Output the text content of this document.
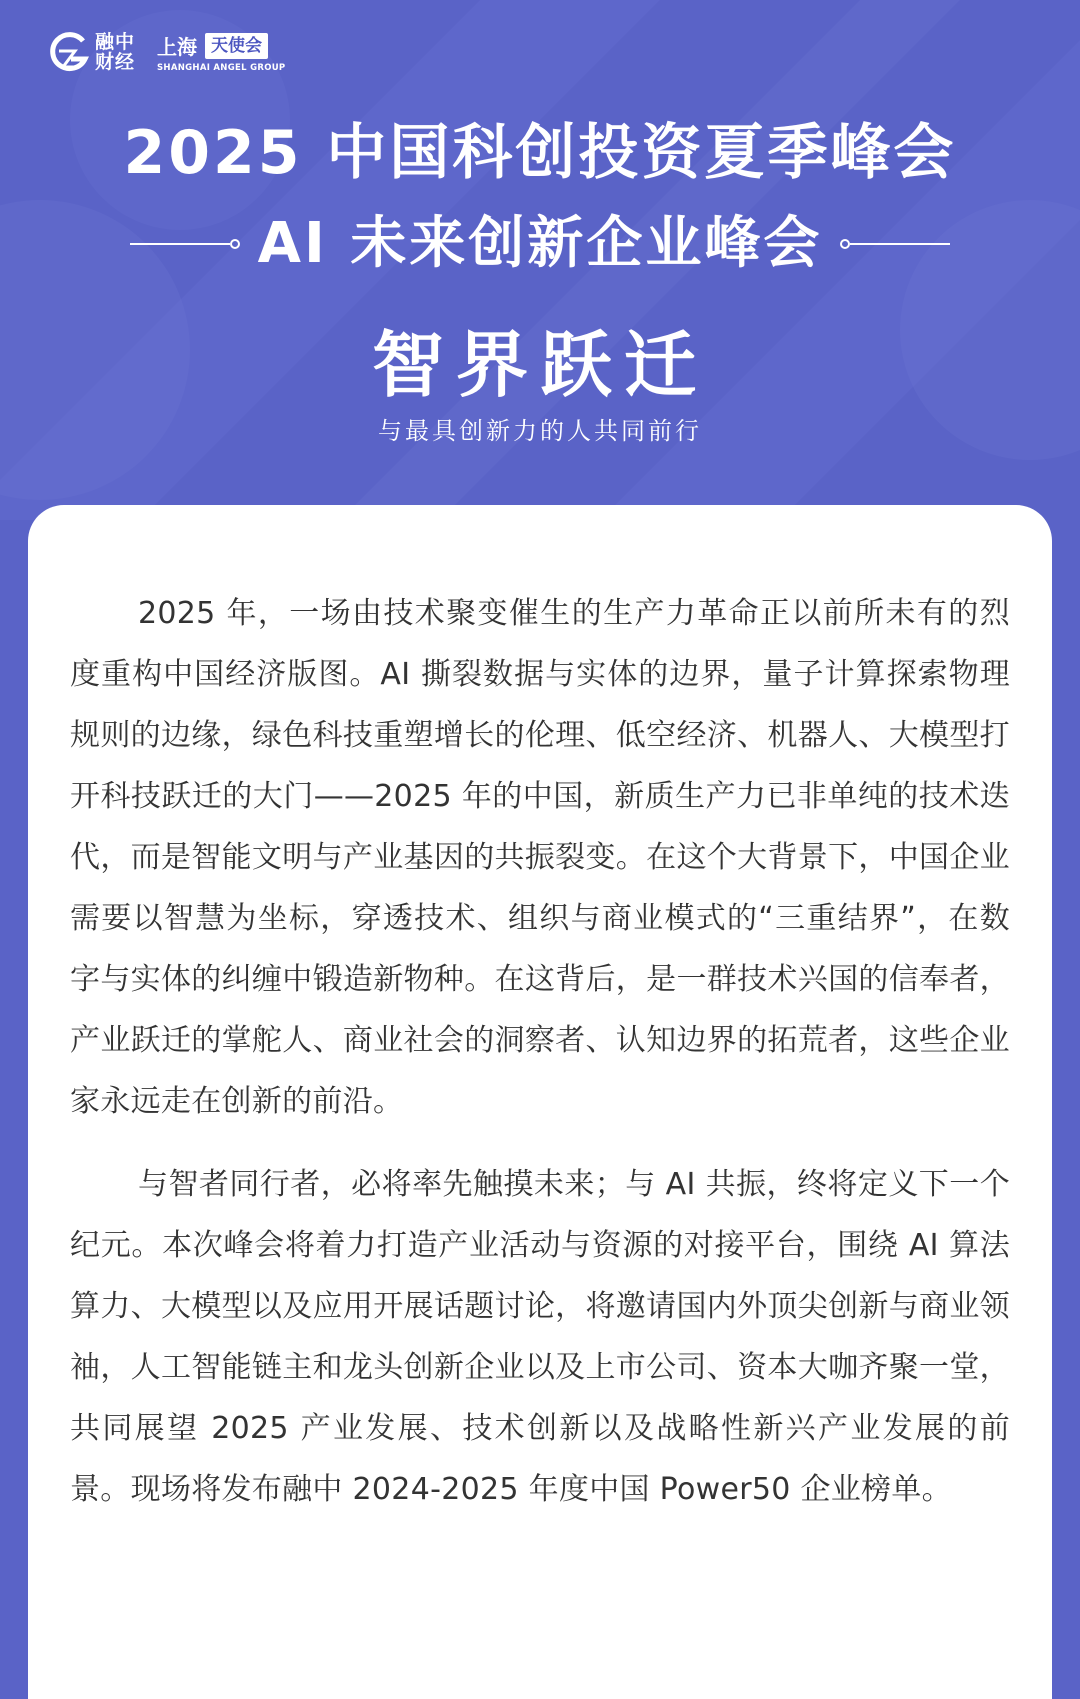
融中
财经
上海 天使会
SHANGHAI ANGEL GROUP
2025 中国科创投资夏季峰会
AI 未来创新企业峰会
智界跃迁
与最具创新力的人共同前行

2025 年，一场由技术聚变催生的生产力革命正以前所未有的烈度重构中国经济版图。AI 撕裂数据与实体的边界，量子计算探索物理规则的边缘，绿色科技重塑增长的伦理、低空经济、机器人、大模型打开科技跃迁的大门——2025 年的中国，新质生产力已非单纯的技术迭代，而是智能文明与产业基因的共振裂变。在这个大背景下，中国企业需要以智慧为坐标，穿透技术、组织与商业模式的“三重结界”，在数字与实体的纠缠中锻造新物种。在这背后，是一群技术兴国的信奉者，产业跃迁的掌舵人、商业社会的洞察者、认知边界的拓荒者，这些企业家永远走在创新的前沿。

与智者同行者，必将率先触摸未来；与 AI 共振，终将定义下一个纪元。本次峰会将着力打造产业活动与资源的对接平台，围绕 AI 算法算力、大模型以及应用开展话题讨论，将邀请国内外顶尖创新与商业领袖，人工智能链主和龙头创新企业以及上市公司、资本大咖齐聚一堂，共同展望 2025 产业发展、技术创新以及战略性新兴产业发展的前景。现场将发布融中 2024-2025 年度中国 Power50 企业榜单。
